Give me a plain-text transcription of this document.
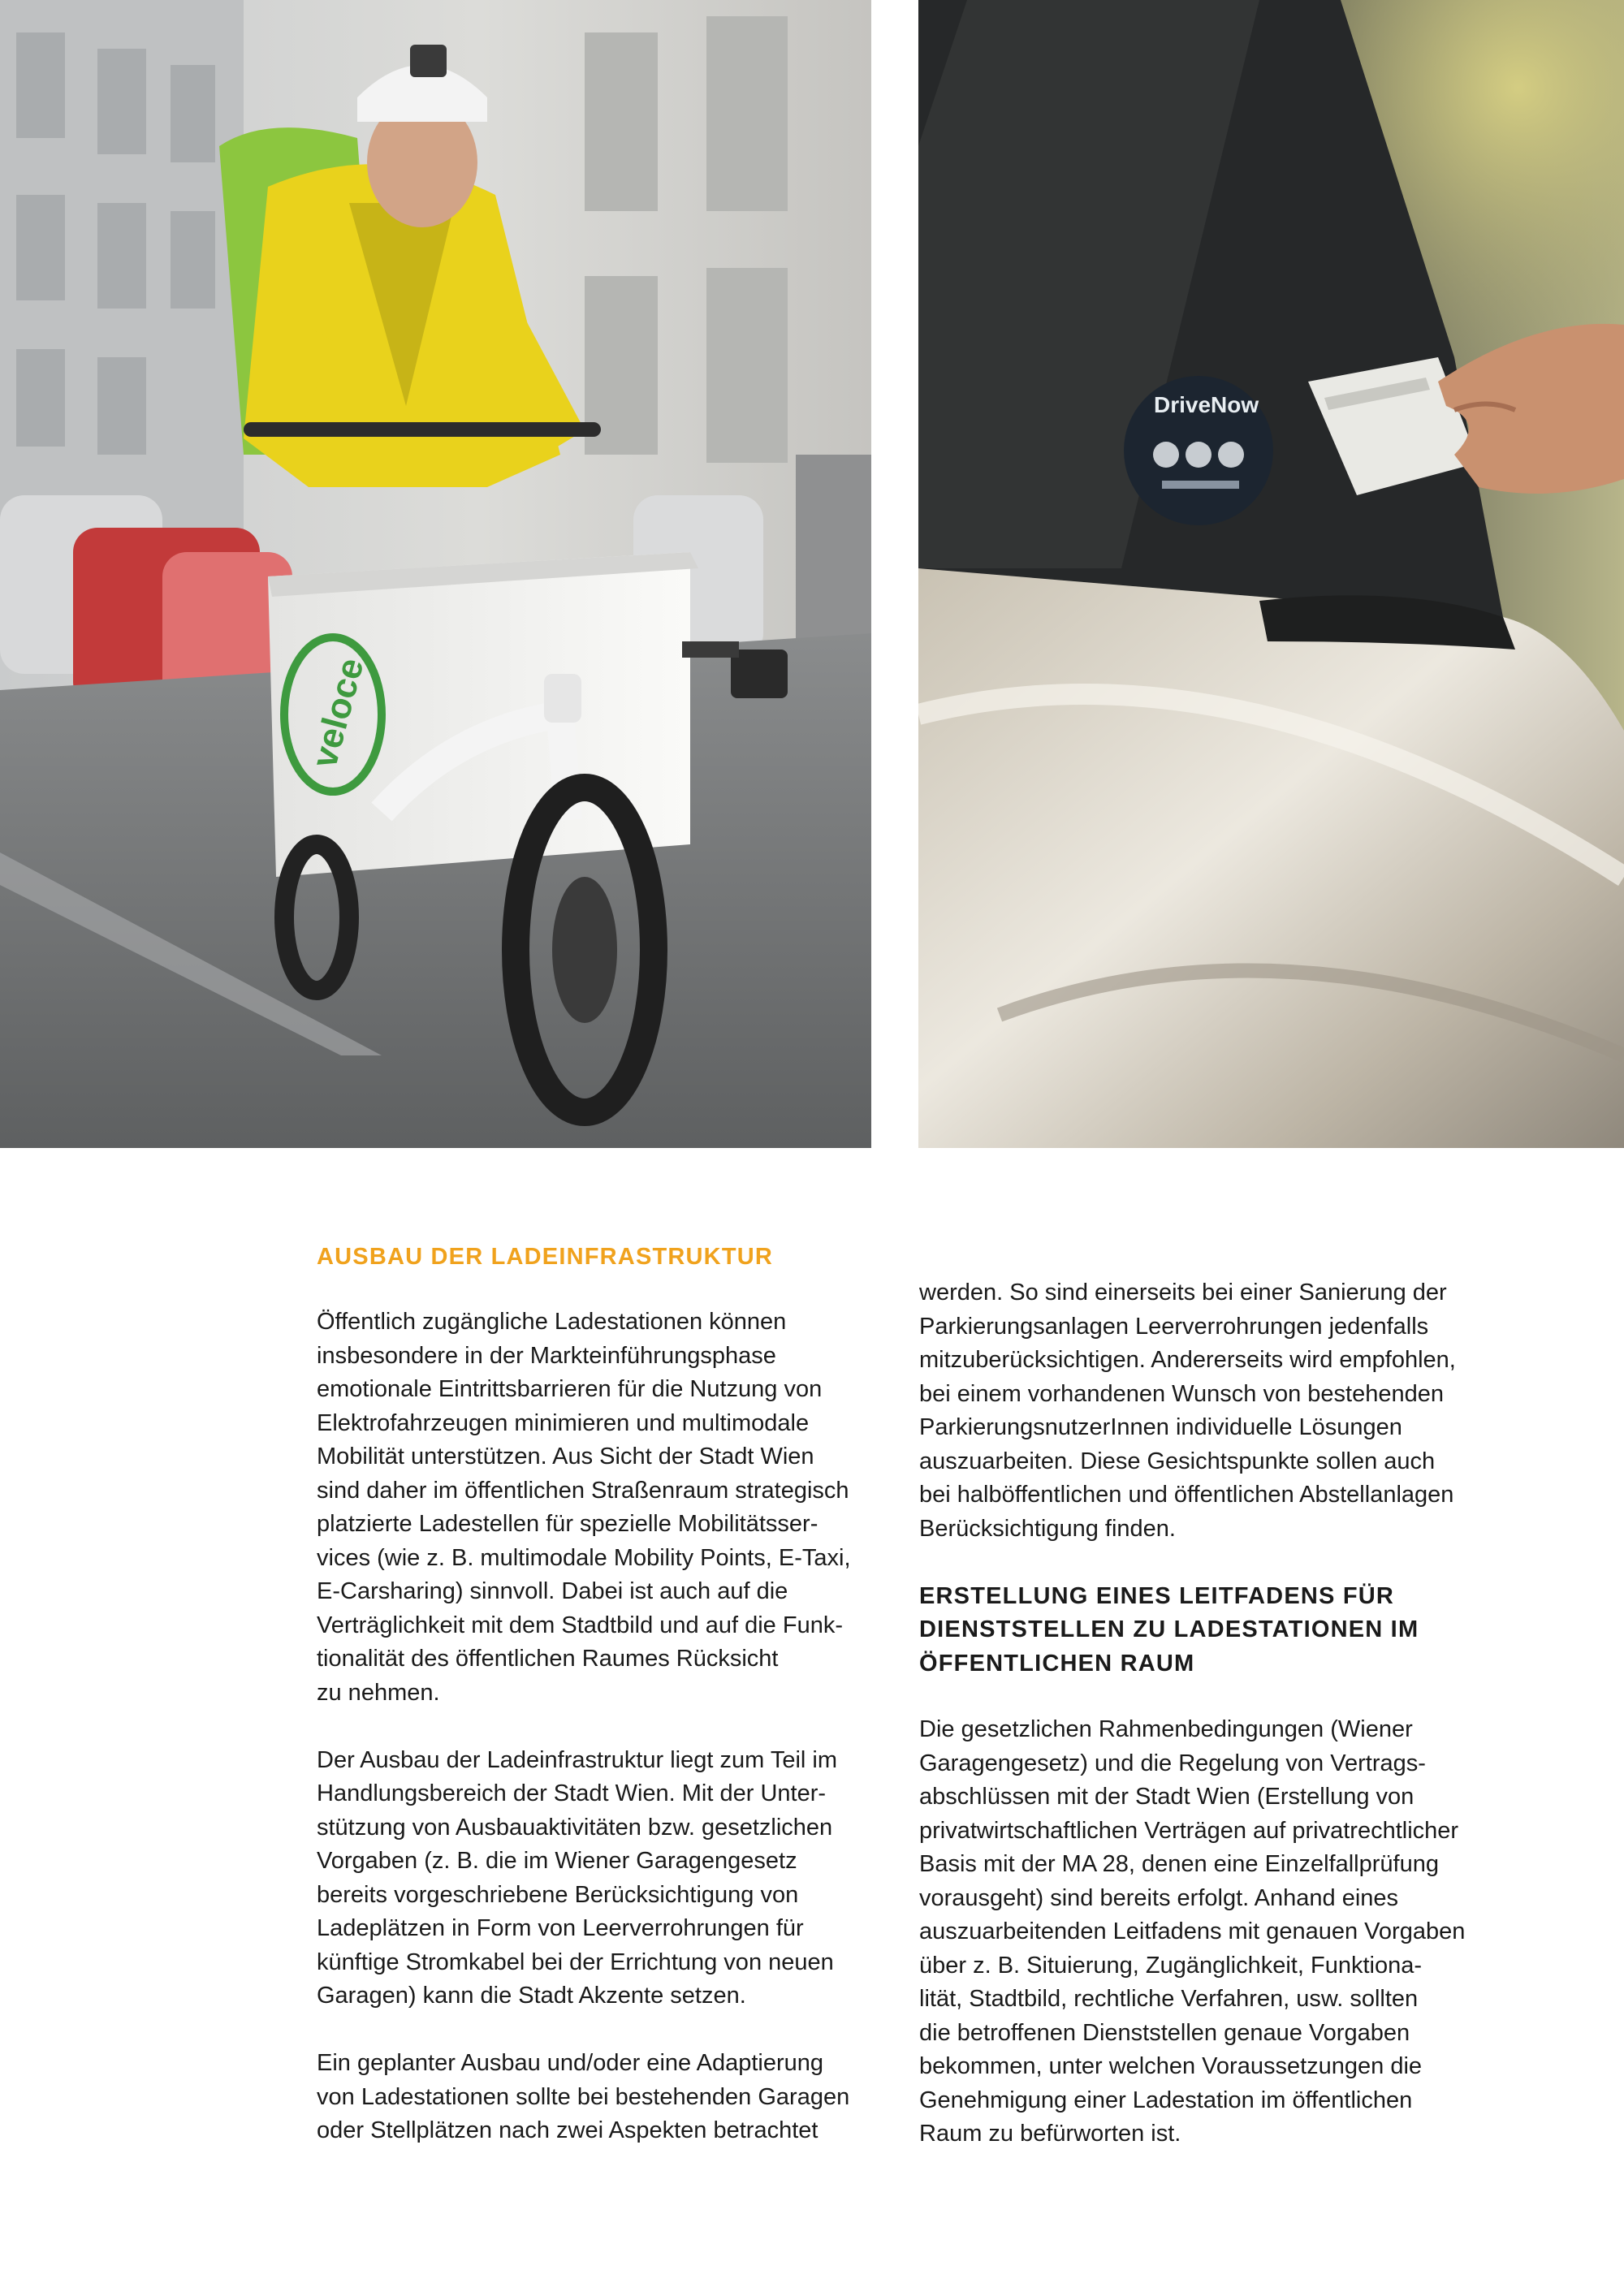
veloce
DriveNow
AUSBAU DER LADEINFRASTRUKTUR
Öffentlich zugängliche Ladestationen können
insbesondere in der Markteinführungsphase
emotionale Eintrittsbarrieren für die Nutzung von
Elektrofahrzeugen minimieren und multimodale
Mobilität unterstützen. Aus Sicht der Stadt Wien
sind daher im öffentlichen Straßenraum strategisch
platzierte Ladestellen für spezielle Mobilitätsser-
vices (wie z. B. multimodale Mobility Points, E-Taxi,
E-Carsharing) sinnvoll. Dabei ist auch auf die
Verträglichkeit mit dem Stadtbild und auf die Funk-
tionalität des öffentlichen Raumes Rücksicht
zu nehmen.
Der Ausbau der Ladeinfrastruktur liegt zum Teil im
Handlungsbereich der Stadt Wien. Mit der Unter-
stützung von Ausbauaktivitäten bzw. gesetzlichen
Vorgaben (z. B. die im Wiener Garagengesetz
bereits vorgeschriebene Berücksichtigung von
Ladeplätzen in Form von Leerverrohrungen für
künftige Stromkabel bei der Errichtung von neuen
Garagen) kann die Stadt Akzente setzen.
Ein geplanter Ausbau und/oder eine Adaptierung
von Ladestationen sollte bei bestehenden Garagen
oder Stellplätzen nach zwei Aspekten betrachtet
werden. So sind einerseits bei einer Sanierung der
Parkierungsanlagen Leerverrohrungen jedenfalls
mitzuberücksichtigen. Andererseits wird empfohlen,
bei einem vorhandenen Wunsch von bestehenden
ParkierungsnutzerInnen individuelle Lösungen
auszuarbeiten. Diese Gesichtspunkte sollen auch
bei halböffentlichen und öffentlichen Abstellanlagen
Berücksichtigung finden.
ERSTELLUNG EINES LEITFADENS FÜR
DIENSTSTELLEN ZU LADESTATIONEN IM
ÖFFENTLICHEN RAUM
Die gesetzlichen Rahmenbedingungen (Wiener
Garagengesetz) und die Regelung von Vertrags-
abschlüssen mit der Stadt Wien (Erstellung von
privatwirtschaftlichen Verträgen auf privatrechtlicher
Basis mit der MA 28, denen eine Einzelfallprüfung
vorausgeht) sind bereits erfolgt. Anhand eines
auszuarbeitenden Leitfadens mit genauen Vorgaben
über z. B. Situierung, Zugänglichkeit, Funktiona-
lität, Stadtbild, rechtliche Verfahren, usw. sollten
die betroffenen Dienststellen genaue Vorgaben
bekommen, unter welchen Voraussetzungen die
Genehmigung einer Ladestation im öffentlichen
Raum zu befürworten ist.
